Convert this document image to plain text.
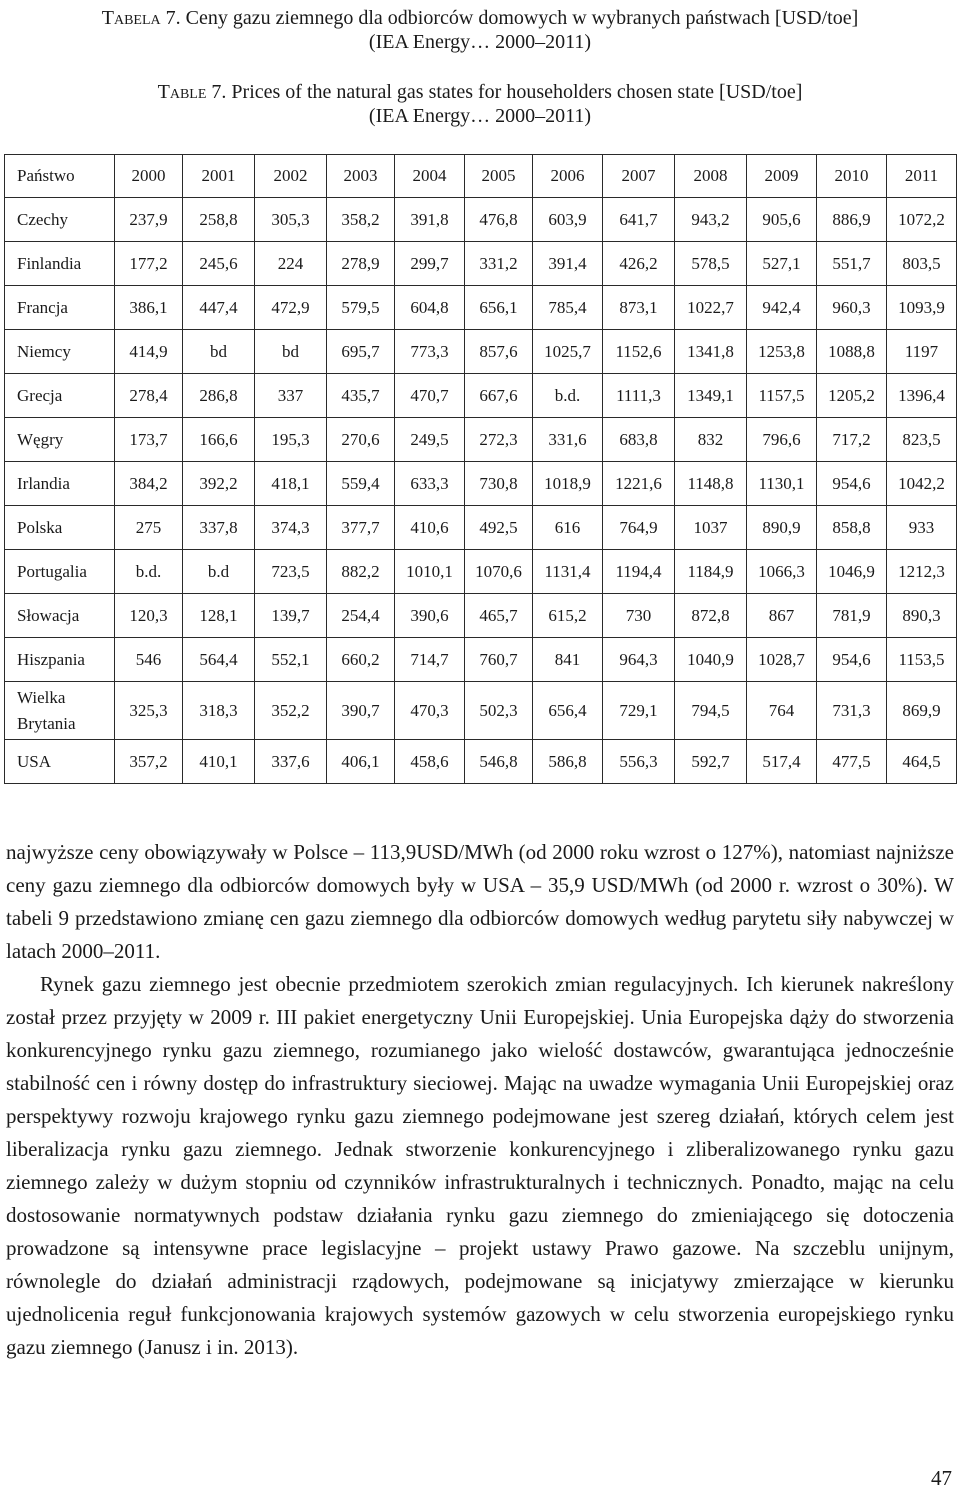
Tabela 7. Ceny gazu ziemnego dla odbiorców domowych w wybranych państwach [USD/toe]
(IEA Energy… 2000–2011)
Table 7. Prices of the natural gas states for householders chosen state [USD/toe]
(IEA Energy… 2000–2011)
Państwo	2000	2001	2002	2003	2004	2005	2006	2007	2008	2009	2010	2011
Czechy	237,9	258,8	305,3	358,2	391,8	476,8	603,9	641,7	943,2	905,6	886,9	1072,2
Finlandia	177,2	245,6	224	278,9	299,7	331,2	391,4	426,2	578,5	527,1	551,7	803,5
Francja	386,1	447,4	472,9	579,5	604,8	656,1	785,4	873,1	1022,7	942,4	960,3	1093,9
Niemcy	414,9	bd	bd	695,7	773,3	857,6	1025,7	1152,6	1341,8	1253,8	1088,8	1197
Grecja	278,4	286,8	337	435,7	470,7	667,6	b.d.	1111,3	1349,1	1157,5	1205,2	1396,4
Węgry	173,7	166,6	195,3	270,6	249,5	272,3	331,6	683,8	832	796,6	717,2	823,5
Irlandia	384,2	392,2	418,1	559,4	633,3	730,8	1018,9	1221,6	1148,8	1130,1	954,6	1042,2
Polska	275	337,8	374,3	377,7	410,6	492,5	616	764,9	1037	890,9	858,8	933
Portugalia	b.d.	b.d	723,5	882,2	1010,1	1070,6	1131,4	1194,4	1184,9	1066,3	1046,9	1212,3
Słowacja	120,3	128,1	139,7	254,4	390,6	465,7	615,2	730	872,8	867	781,9	890,3
Hiszpania	546	564,4	552,1	660,2	714,7	760,7	841	964,3	1040,9	1028,7	954,6	1153,5
Wielka Brytania	325,3	318,3	352,2	390,7	470,3	502,3	656,4	729,1	794,5	764	731,3	869,9
USA	357,2	410,1	337,6	406,1	458,6	546,8	586,8	556,3	592,7	517,4	477,5	464,5

najwyższe ceny obowiązywały w Polsce – 113,9USD/MWh (od 2000 roku wzrost o 127%), natomiast najniższe ceny gazu ziemnego dla odbiorców domowych były w USA – 35,9 USD/MWh (od 2000 r. wzrost o 30%). W tabeli 9 przedstawiono zmianę cen gazu ziemnego dla odbiorców domowych według parytetu siły nabywczej w latach 2000–2011.

Rynek gazu ziemnego jest obecnie przedmiotem szerokich zmian regulacyjnych. Ich kierunek nakreślony został przez przyjęty w 2009 r. III pakiet energetyczny Unii Europejskiej. Unia Europejska dąży do stworzenia konkurencyjnego rynku gazu ziemnego, rozumianego jako wielość dostawców, gwarantująca jednocześnie stabilność cen i równy dostęp do infrastruktury sieciowej. Mając na uwadze wymagania Unii Europejskiej oraz perspektywy rozwoju krajowego rynku gazu ziemnego podejmowane jest szereg działań, których celem jest liberalizacja rynku gazu ziemnego. Jednak stworzenie konkurencyjnego i zliberalizowanego rynku gazu ziemnego zależy w dużym stopniu od czynników infrastrukturalnych i technicznych. Ponadto, mając na celu dostosowanie normatywnych podstaw działania rynku gazu ziemnego do zmieniającego się dotoczenia prowadzone są intensywne prace legislacyjne – projekt ustawy Prawo gazowe. Na szczeblu unijnym, równolegle do działań administracji rządowych, podejmowane są inicjatywy zmierzające w kierunku ujednolicenia reguł funkcjonowania krajowych systemów gazowych w celu stworzenia europejskiego rynku gazu ziemnego (Janusz i in. 2013).

47
